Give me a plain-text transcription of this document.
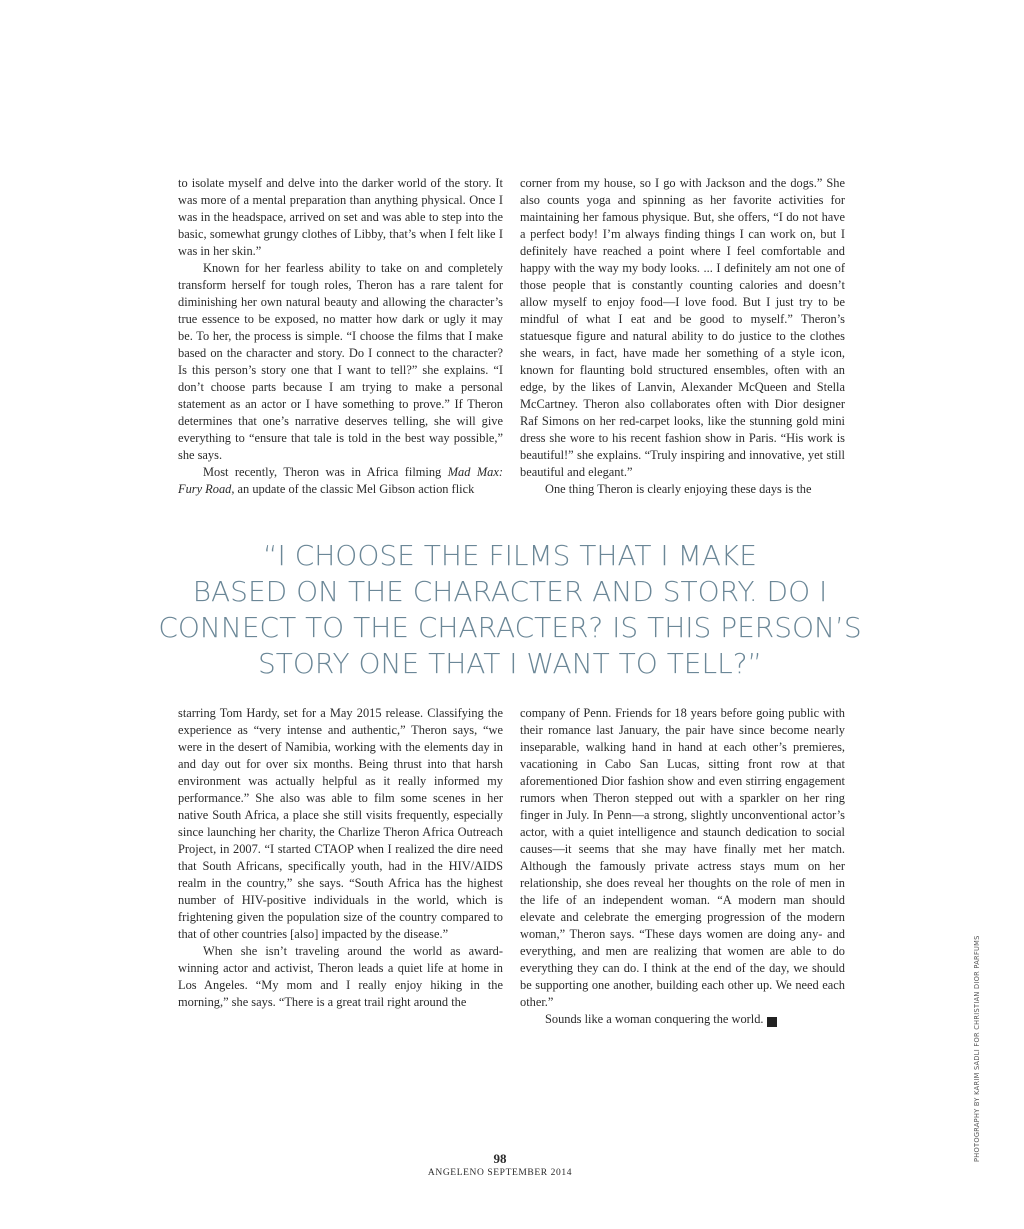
to isolate myself and delve into the darker world of the story. It was more of a mental preparation than anything physical. Once I was in the headspace, arrived on set and was able to step into the basic, somewhat grungy clothes of Libby, that’s when I felt like I was in her skin.”

Known for her fearless ability to take on and completely transform herself for tough roles, Theron has a rare talent for diminishing her own natural beauty and allowing the character’s true essence to be exposed, no matter how dark or ugly it may be. To her, the process is simple. “I choose the films that I make based on the character and story. Do I connect to the character? Is this person’s story one that I want to tell?” she explains. “I don’t choose parts because I am trying to make a personal statement as an actor or I have something to prove.” If Theron determines that one’s narrative deserves telling, she will give everything to “ensure that tale is told in the best way possible,” she says.

Most recently, Theron was in Africa filming Mad Max: Fury Road, an update of the classic Mel Gibson action flick

corner from my house, so I go with Jackson and the dogs.” She also counts yoga and spinning as her favorite activities for maintaining her famous physique. But, she offers, “I do not have a perfect body! I’m always finding things I can work on, but I definitely have reached a point where I feel comfortable and happy with the way my body looks. ... I definitely am not one of those people that is constantly counting calories and doesn’t allow myself to enjoy food—I love food. But I just try to be mindful of what I eat and be good to myself.” Theron’s statuesque figure and natural ability to do justice to the clothes she wears, in fact, have made her something of a style icon, known for flaunting bold structured ensembles, often with an edge, by the likes of Lanvin, Alexander McQueen and Stella McCartney. Theron also collaborates often with Dior designer Raf Simons on her red-carpet looks, like the stunning gold mini dress she wore to his recent fashion show in Paris. “His work is beautiful!” she explains. “Truly inspiring and innovative, yet still beautiful and elegant.”

One thing Theron is clearly enjoying these days is the

“I CHOOSE THE FILMS THAT I MAKE
BASED ON THE CHARACTER AND STORY. DO I
CONNECT TO THE CHARACTER? IS THIS PERSON’S
STORY ONE THAT I WANT TO TELL?”

starring Tom Hardy, set for a May 2015 release. Classifying the experience as “very intense and authentic,” Theron says, “we were in the desert of Namibia, working with the elements day in and day out for over six months. Being thrust into that harsh environment was actually helpful as it really informed my performance.” She also was able to film some scenes in her native South Africa, a place she still visits frequently, especially since launching her charity, the Charlize Theron Africa Outreach Project, in 2007. “I started CTAOP when I realized the dire need that South Africans, specifically youth, had in the HIV/AIDS realm in the country,” she says. “South Africa has the highest number of HIV-positive individuals in the world, which is frightening given the population size of the country compared to that of other countries [also] impacted by the disease.”

When she isn’t traveling around the world as award-winning actor and activist, Theron leads a quiet life at home in Los Angeles. “My mom and I really enjoy hiking in the morning,” she says. “There is a great trail right around the

company of Penn. Friends for 18 years before going public with their romance last January, the pair have since become nearly inseparable, walking hand in hand at each other’s premieres, vacationing in Cabo San Lucas, sitting front row at that aforementioned Dior fashion show and even stirring engagement rumors when Theron stepped out with a sparkler on her ring finger in July. In Penn—a strong, slightly unconventional actor’s actor, with a quiet intelligence and staunch dedication to social causes—it seems that she may have finally met her match. Although the famously private actress stays mum on her relationship, she does reveal her thoughts on the role of men in the life of an independent woman. “A modern man should elevate and celebrate the emerging progression of the modern woman,” Theron says. “These days women are doing any- and everything, and men are realizing that women are able to do everything they can do. I think at the end of the day, we should be supporting one another, building each other up. We need each other.”

Sounds like a woman conquering the world.	A

98
ANGELENO SEPTEMBER 2014
PHOTOGRAPHY BY KARIM SADLI FOR CHRISTIAN DIOR PARFUMS
